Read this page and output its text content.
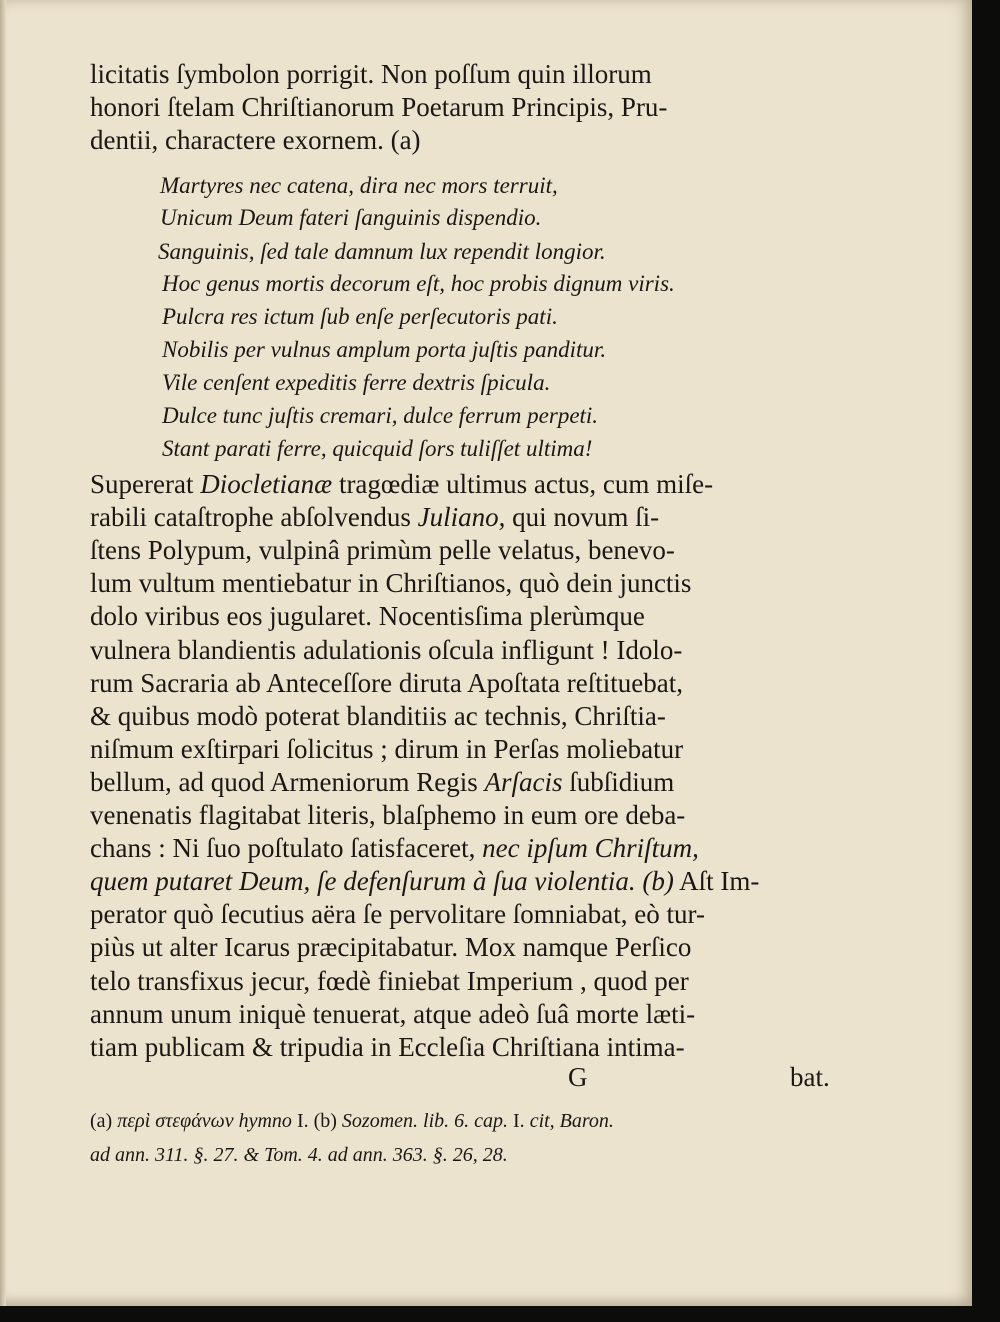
licitatis ſymbolon porrigit. Non poſſum quin illorum
honori ſtelam Chriſtianorum Poetarum Principis, Pru-
dentii, charactere exornem. (a)
Martyres nec catena, dira nec mors terruit,
Unicum Deum fateri ſanguinis dispendio.
Sanguinis, ſed tale damnum lux rependit longior.
Hoc genus mortis decorum eſt, hoc probis dignum viris.
Pulcra res ictum ſub enſe perſecutoris pati.
Nobilis per vulnus amplum porta juſtis panditur.
Vile cenſent expeditis ferre dextris ſpicula.
Dulce tunc juſtis cremari, dulce ferrum perpeti.
Stant parati ferre, quicquid ſors tuliſſet ultima!
Supererat Diocletianæ tragœdiæ ultimus actus, cum miſe-
rabili cataſtrophe abſolvendus Juliano, qui novum ſi-
ſtens Polypum, vulpinâ primùm pelle velatus, benevo-
lum vultum mentiebatur in Chriſtianos, quò dein junctis
dolo viribus eos jugularet. Nocentisſima plerùmque
vulnera blandientis adulationis oſcula infligunt ! Idolo-
rum Sacraria ab Anteceſſore diruta Apoſtata reſtituebat,
& quibus modò poterat blanditiis ac technis, Chriſtia-
niſmum exſtirpari ſolicitus ; dirum in Perſas moliebatur
bellum, ad quod Armeniorum Regis Arſacis ſubſidium
venenatis flagitabat literis, blaſphemo in eum ore deba-
chans : Ni ſuo poſtulato ſatisfaceret, nec ipſum Chriſtum,
quem putaret Deum, ſe defenſurum à ſua violentia. (b) Aſt Im-
perator quò ſecutius aëra ſe pervolitare ſomniabat, eò tur-
piùs ut alter Icarus præcipitabatur. Mox namque Perſico
telo transfixus jecur, fœdè finiebat Imperium , quod per
annum unum iniquè tenuerat, atque adeò ſuâ morte læti-
tiam publicam & tripudia in Eccleſia Chriſtiana intima-
G	bat.
(a) περὶ στεφάνων hymno I. (b) Sozomen. lib. 6. cap. I. cit, Baron.
ad ann. 311. §. 27. & Tom. 4. ad ann. 363. §. 26, 28.
